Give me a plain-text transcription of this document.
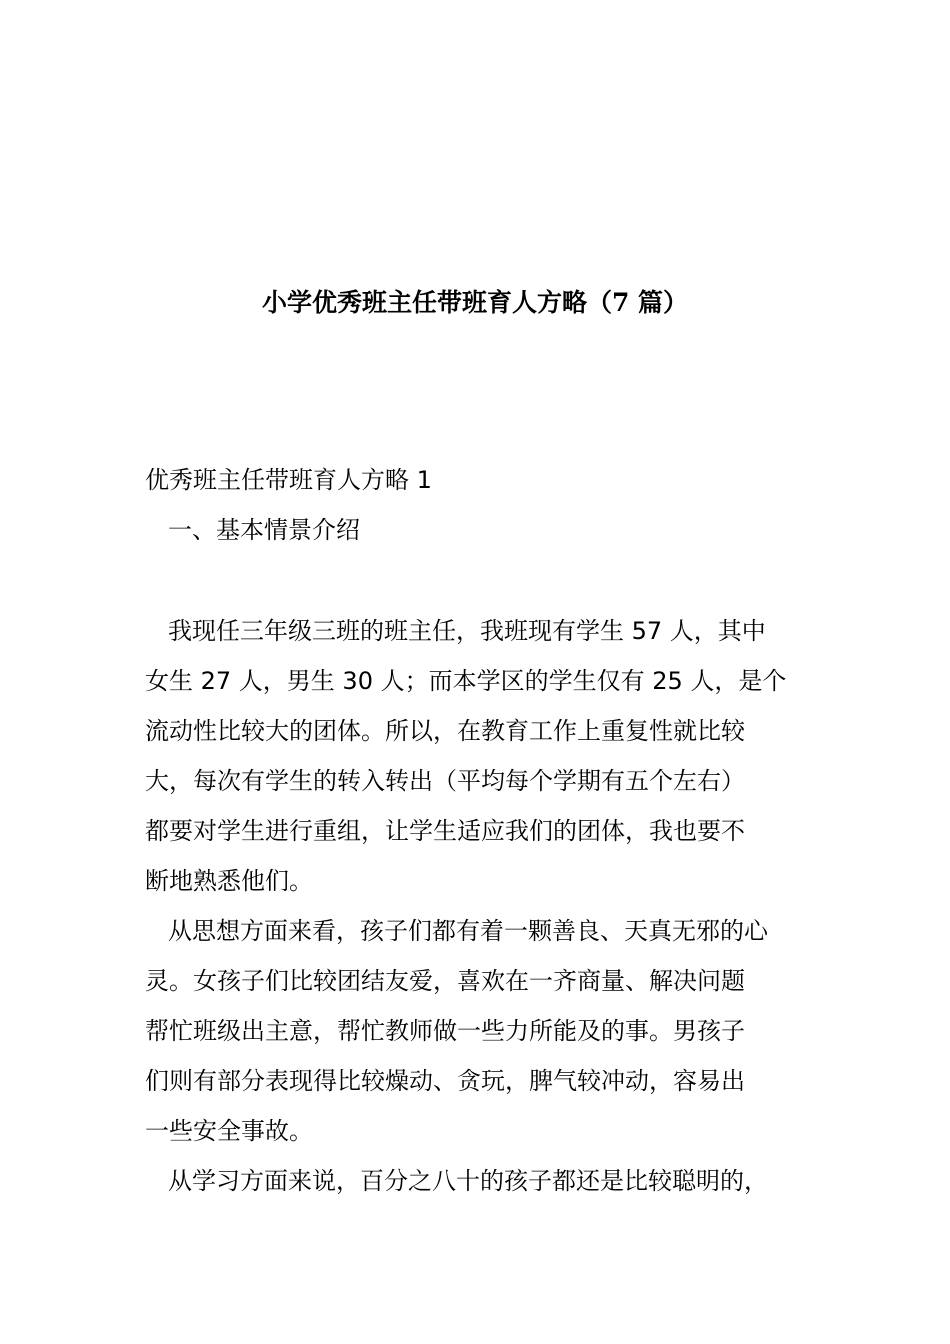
小学优秀班主任带班育人方略（7 篇）
优秀班主任带班育人方略 1
一、基本情景介绍
我现任三年级三班的班主任，我班现有学生 57 人，其中
女生 27 人，男生 30 人；而本学区的学生仅有 25 人，是个
流动性比较大的团体。所以，在教育工作上重复性就比较
大，每次有学生的转入转出（平均每个学期有五个左右）
都要对学生进行重组，让学生适应我们的团体，我也要不
断地熟悉他们。
从思想方面来看，孩子们都有着一颗善良、天真无邪的心
灵。女孩子们比较团结友爱，喜欢在一齐商量、解决问题
帮忙班级出主意，帮忙教师做一些力所能及的事。男孩子
们则有部分表现得比较燥动、贪玩，脾气较冲动，容易出
一些安全事故。
从学习方面来说，百分之八十的孩子都还是比较聪明的，
